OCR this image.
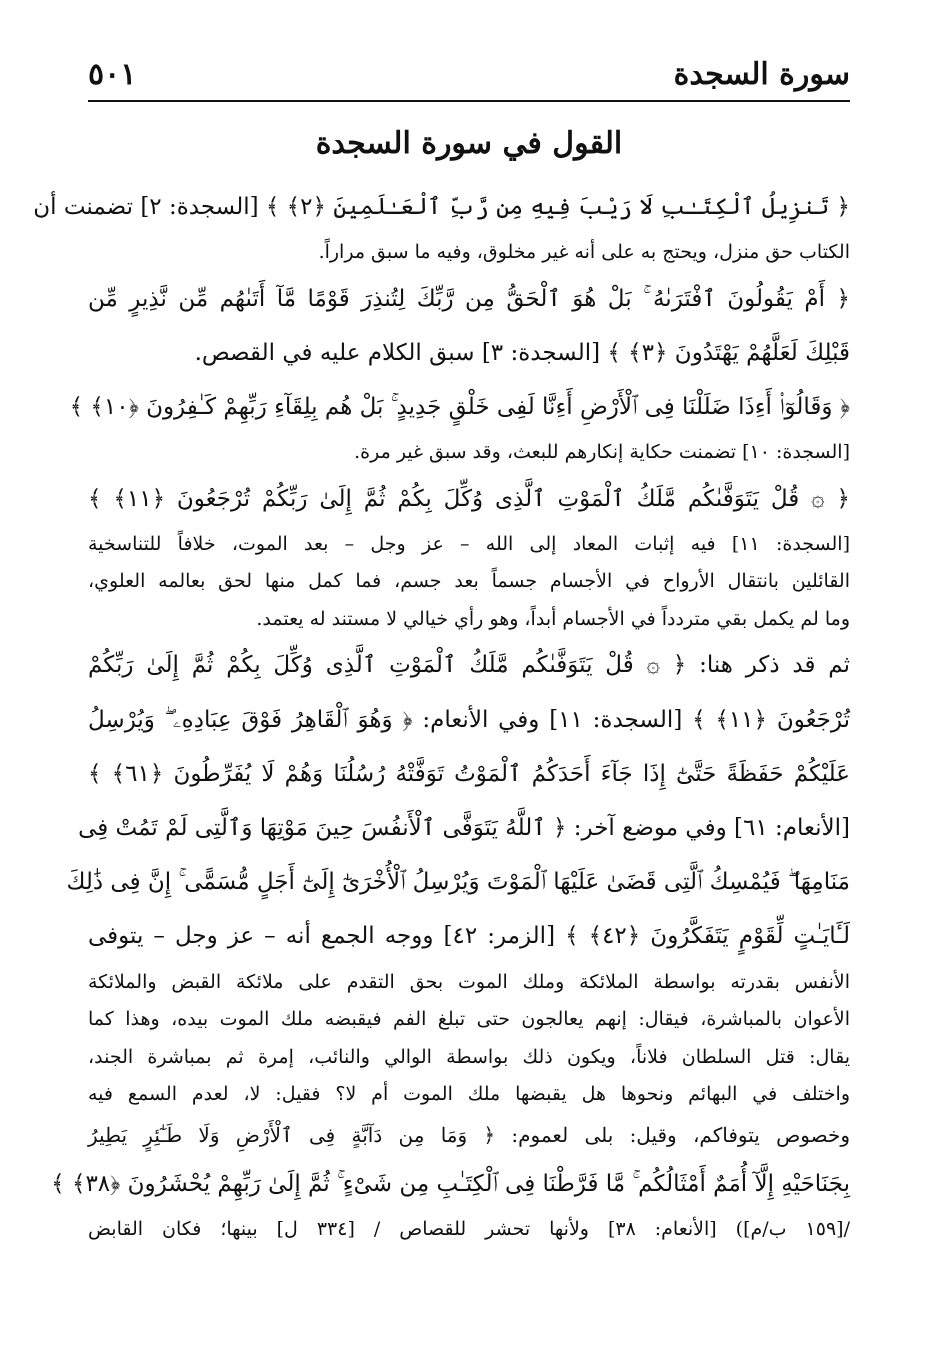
سورة السجدة
٥٠١
القول في سورة السجدة
﴿ تَنزِيلُ ٱلْكِتَـٰبِ لَا رَيْبَ فِيهِ مِن رَّبِّ ٱلْعَـٰلَمِينَ ﴿٢﴾ ﴾ [السجدة: ٢] تضمنت أن
الكتاب حق منزل، ويحتج به على أنه غير مخلوق، وفيه ما سبق مراراً.
﴿ أَمْ يَقُولُونَ ٱفْتَرَىٰهُ ۚ بَلْ هُوَ ٱلْحَقُّ مِن رَّبِّكَ لِتُنذِرَ قَوْمًا مَّآ أَتَىٰهُم مِّن نَّذِيرٍ مِّن
قَبْلِكَ لَعَلَّهُمْ يَهْتَدُونَ ﴿٣﴾ ﴾ [السجدة: ٣] سبق الكلام عليه في القصص.
﴿ وَقَالُوٓا۟ أَءِذَا ضَلَلْنَا فِى ٱلْأَرْضِ أَءِنَّا لَفِى خَلْقٍ جَدِيدٍ ۚ بَلْ هُم بِلِقَآءِ رَبِّهِمْ كَـٰفِرُونَ ﴿١٠﴾ ﴾
[السجدة: ١٠] تضمنت حكاية إنكارهم للبعث، وقد سبق غير مرة.
﴿ ۞ قُلْ يَتَوَفَّىٰكُم مَّلَكُ ٱلْمَوْتِ ٱلَّذِى وُكِّلَ بِكُمْ ثُمَّ إِلَىٰ رَبِّكُمْ تُرْجَعُونَ ﴿١١﴾ ﴾
[السجدة: ١١] فيه إثبات المعاد إلى الله – عز وجل – بعد الموت، خلافاً للتناسخية
القائلين بانتقال الأرواح في الأجسام جسماً بعد جسم، فما كمل منها لحق بعالمه العلوي،
وما لم يكمل بقي متردداً في الأجسام أبداً، وهو رأي خيالي لا مستند له يعتمد.
ثم قد ذكر هنا: ﴿ ۞ قُلْ يَتَوَفَّىٰكُم مَّلَكُ ٱلْمَوْتِ ٱلَّذِى وُكِّلَ بِكُمْ ثُمَّ إِلَىٰ رَبِّكُمْ
تُرْجَعُونَ ﴿١١﴾ ﴾ [السجدة: ١١] وفي الأنعام: ﴿ وَهُوَ ٱلْقَاهِرُ فَوْقَ عِبَادِهِۦ ۖ وَيُرْسِلُ
عَلَيْكُمْ حَفَظَةً حَتَّىٰٓ إِذَا جَآءَ أَحَدَكُمُ ٱلْمَوْتُ تَوَفَّتْهُ رُسُلُنَا وَهُمْ لَا يُفَرِّطُونَ ﴿٦١﴾ ﴾
[الأنعام: ٦١] وفي موضع آخر: ﴿ ٱللَّهُ يَتَوَفَّى ٱلْأَنفُسَ حِينَ مَوْتِهَا وَٱلَّتِى لَمْ تَمُتْ فِى
مَنَامِهَا ۖ فَيُمْسِكُ ٱلَّتِى قَضَىٰ عَلَيْهَا ٱلْمَوْتَ وَيُرْسِلُ ٱلْأُخْرَىٰٓ إِلَىٰٓ أَجَلٍ مُّسَمًّى ۚ إِنَّ فِى ذَٰلِكَ
لَـَٔايَـٰتٍ لِّقَوْمٍ يَتَفَكَّرُونَ ﴿٤٢﴾ ﴾ [الزمر: ٤٢] ووجه الجمع أنه – عز وجل – يتوفى
الأنفس بقدرته بواسطة الملائكة وملك الموت بحق التقدم على ملائكة القبض والملائكة
الأعوان بالمباشرة، فيقال: إنهم يعالجون حتى تبلغ الفم فيقبضه ملك الموت بيده، وهذا كما
يقال: قتل السلطان فلاناً، ويكون ذلك بواسطة الوالي والنائب، إمرة ثم بمباشرة الجند،
واختلف في البهائم ونحوها هل يقبضها ملك الموت أم لا؟ فقيل: لا، لعدم السمع فيه
وخصوص يتوفاكم، وقيل: بلى لعموم: ﴿ وَمَا مِن دَآبَّةٍ فِى ٱلْأَرْضِ وَلَا طَـٰٓئِرٍ يَطِيرُ
بِجَنَاحَيْهِ إِلَّآ أُمَمٌ أَمْثَالُكُم ۚ مَّا فَرَّطْنَا فِى ٱلْكِتَـٰبِ مِن شَىْءٍ ۚ ثُمَّ إِلَىٰ رَبِّهِمْ يُحْشَرُونَ ﴿٣٨﴾ ﴾
/[١٥٩ ب/م]) [الأنعام: ٣٨] ولأنها تحشر للقصاص / [٣٣٤ ل] بينها؛ فكان القابض
